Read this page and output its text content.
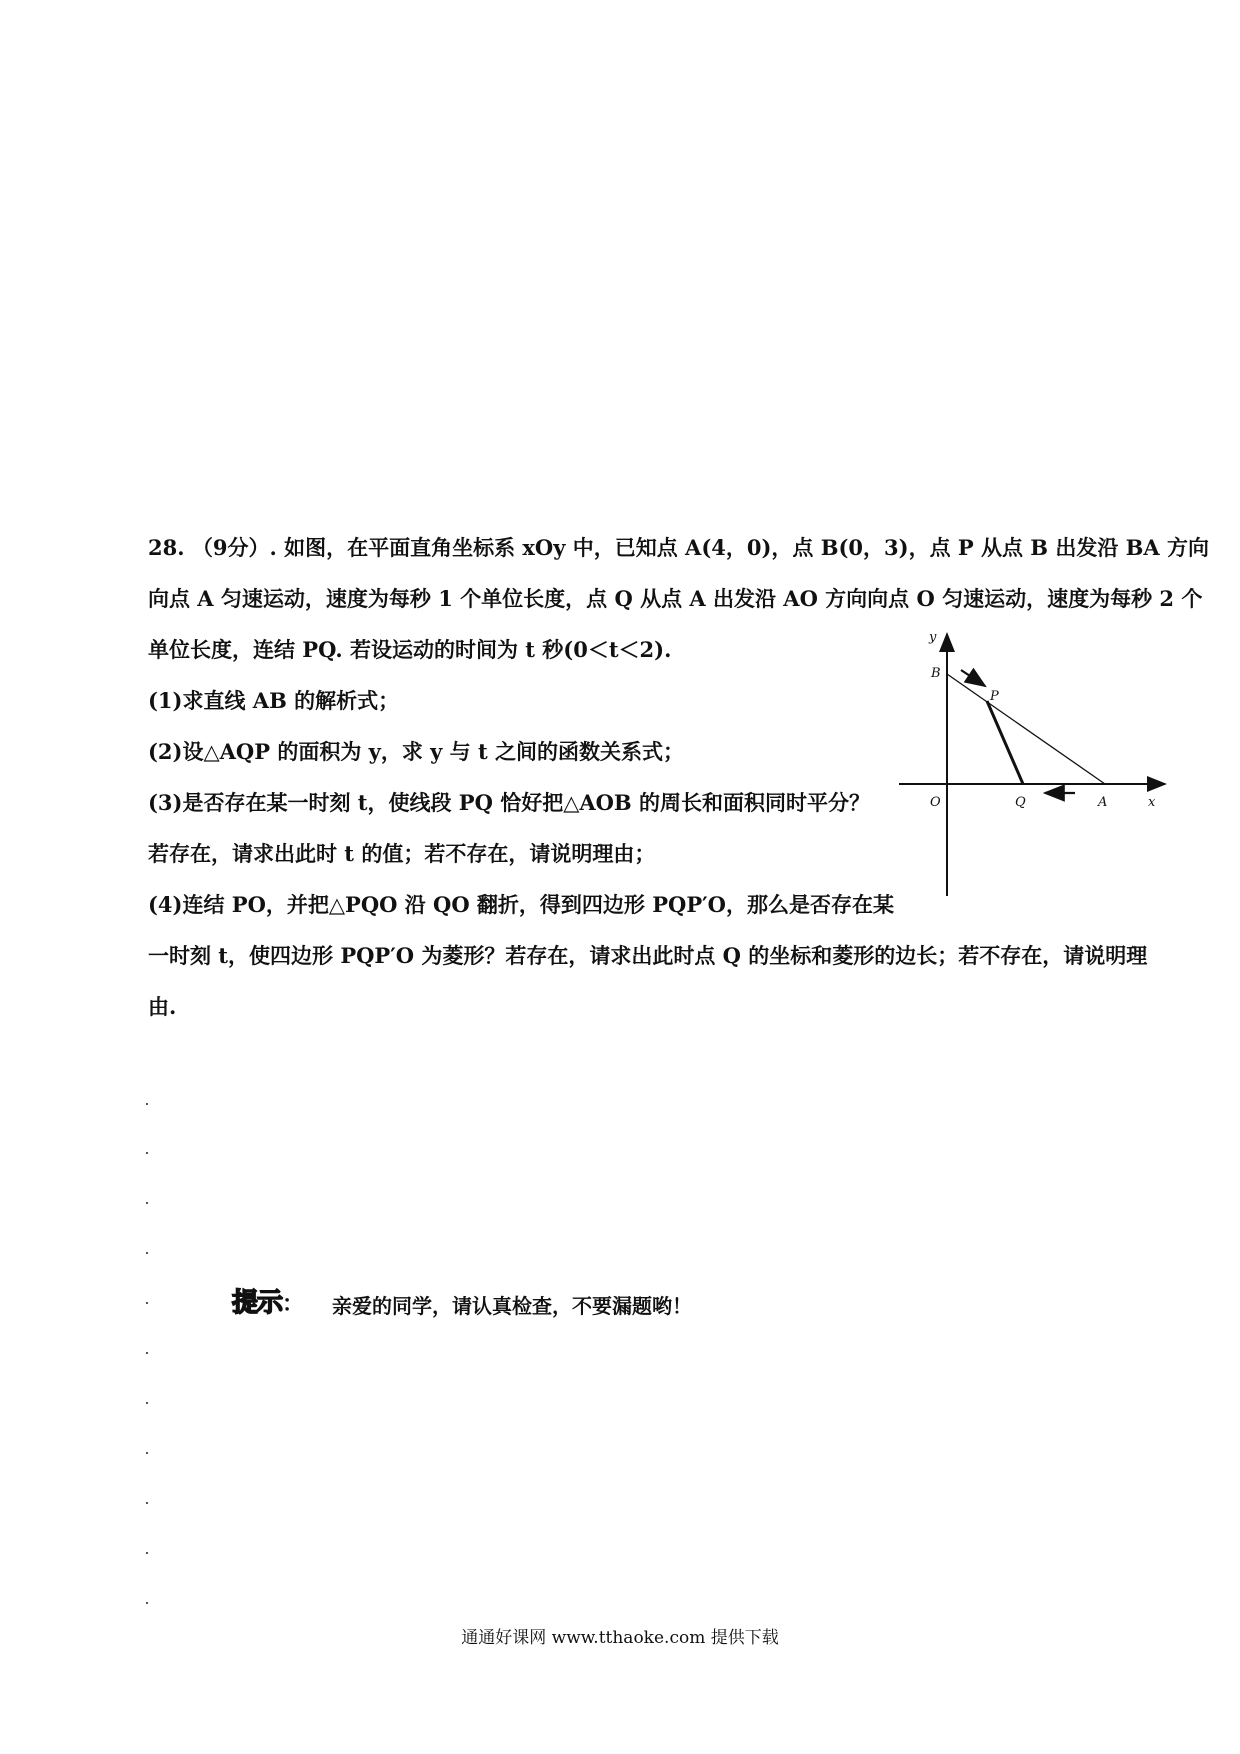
28. （9分）. 如图，在平面直角坐标系 xOy 中，已知点 A(4，0)，点 B(0，3)，点 P 从点 B 出发沿 BA 方向
向点 A 匀速运动，速度为每秒 1 个单位长度，点 Q 从点 A 出发沿 AO 方向向点 O 匀速运动，速度为每秒 2 个
单位长度，连结 PQ. 若设运动的时间为 t 秒(0＜t＜2).
(1)求直线 AB 的解析式；
(2)设△AQP 的面积为 y，求 y 与 t 之间的函数关系式；
(3)是否存在某一时刻 t，使线段 PQ 恰好把△AOB 的周长和面积同时平分？
若存在，请求出此时 t 的值；若不存在，请说明理由；
(4)连结 PO，并把△PQO 沿 QO 翻折，得到四边形 PQP′O，那么是否存在某
一时刻 t，使四边形 PQP′O 为菱形？若存在，请求出此时点 Q 的坐标和菱形的边长；若不存在，请说明理
由.
y
B
P
O	Q	A	x
提示：	亲爱的同学，请认真检查，不要漏题哟！
通通好课网 www.tthaoke.com 提供下载
